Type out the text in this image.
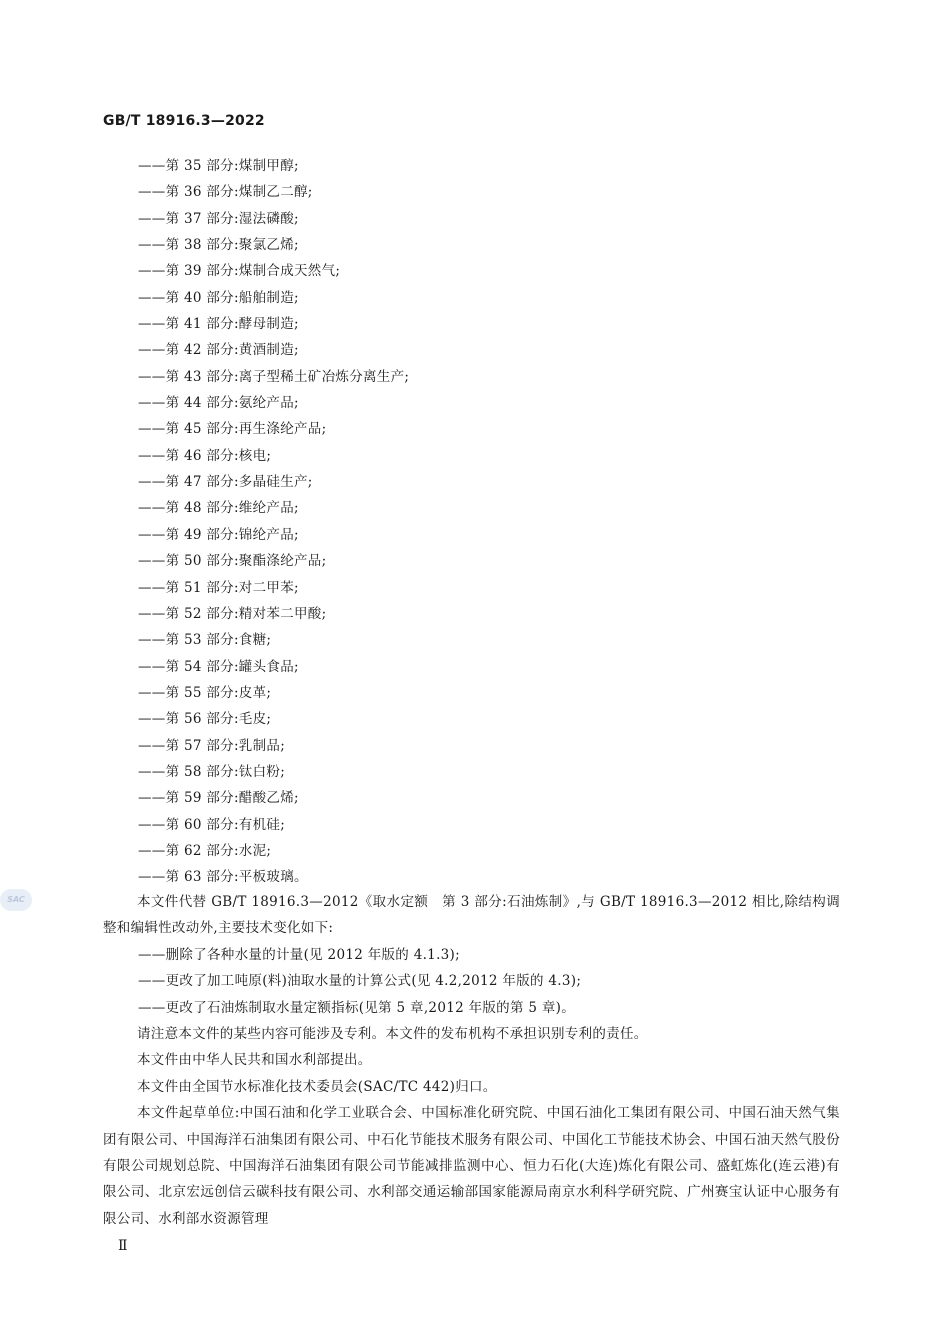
GB/T 18916.3—2022
——第 35 部分:煤制甲醇;
——第 36 部分:煤制乙二醇;
——第 37 部分:湿法磷酸;
——第 38 部分:聚氯乙烯;
——第 39 部分:煤制合成天然气;
——第 40 部分:船舶制造;
——第 41 部分:酵母制造;
——第 42 部分:黄酒制造;
——第 43 部分:离子型稀土矿冶炼分离生产;
——第 44 部分:氨纶产品;
——第 45 部分:再生涤纶产品;
——第 46 部分:核电;
——第 47 部分:多晶硅生产;
——第 48 部分:维纶产品;
——第 49 部分:锦纶产品;
——第 50 部分:聚酯涤纶产品;
——第 51 部分:对二甲苯;
——第 52 部分:精对苯二甲酸;
——第 53 部分:食糖;
——第 54 部分:罐头食品;
——第 55 部分:皮革;
——第 56 部分:毛皮;
——第 57 部分:乳制品;
——第 58 部分:钛白粉;
——第 59 部分:醋酸乙烯;
——第 60 部分:有机硅;
——第 62 部分:水泥;
——第 63 部分:平板玻璃。
SAC	本文件代替 GB/T 18916.3—2012《取水定额　第 3 部分:石油炼制》,与 GB/T 18916.3—2012 相比,除结构调整和编辑性改动外,主要技术变化如下:

——删除了各种水量的计量(见 2012 年版的 4.1.3);

——更改了加工吨原(料)油取水量的计算公式(见 4.2,2012 年版的 4.3);

——更改了石油炼制取水量定额指标(见第 5 章,2012 年版的第 5 章)。

请注意本文件的某些内容可能涉及专利。本文件的发布机构不承担识别专利的责任。

本文件由中华人民共和国水利部提出。

本文件由全国节水标准化技术委员会(SAC/TC 442)归口。

本文件起草单位:中国石油和化学工业联合会、中国标准化研究院、中国石油化工集团有限公司、中国石油天然气集团有限公司、中国海洋石油集团有限公司、中石化节能技术服务有限公司、中国化工节能技术协会、中国石油天然气股份有限公司规划总院、中国海洋石油集团有限公司节能减排监测中心、恒力石化(大连)炼化有限公司、盛虹炼化(连云港)有限公司、北京宏远创信云碳科技有限公司、水利部交通运输部国家能源局南京水利科学研究院、广州赛宝认证中心服务有限公司、水利部水资源管理

Ⅱ
